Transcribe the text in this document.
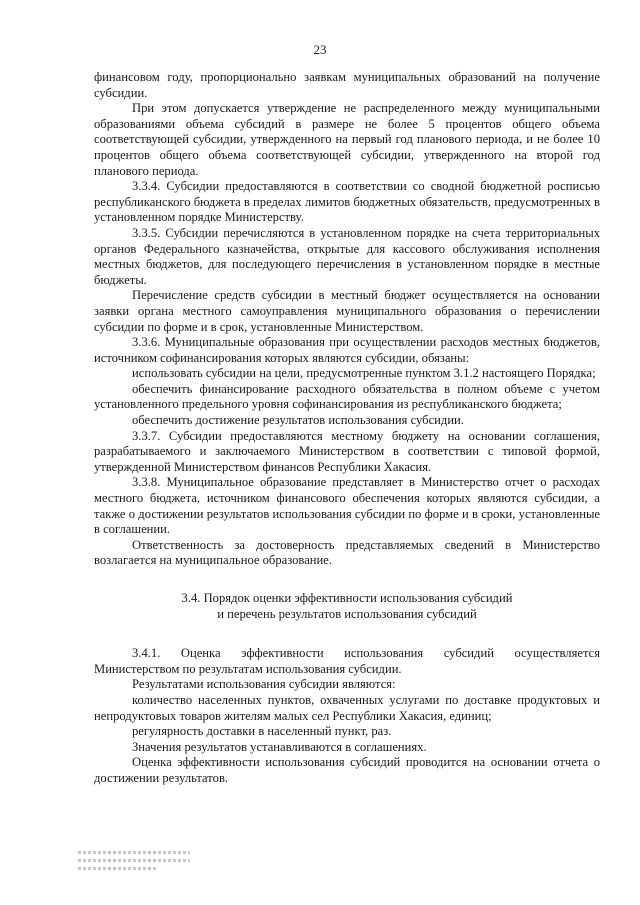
23

финансовом году, пропорционально заявкам муниципальных образований на получение субсидии.

При этом допускается утверждение не распределенного между муниципальными образованиями объема субсидий в размере не более 5 процентов общего объема соответствующей субсидии, утвержденного на первый год планового периода, и не более 10 процентов общего объема соответствующей субсидии, утвержденного на второй год планового периода.

3.3.4. Субсидии предоставляются в соответствии со сводной бюджетной росписью республиканского бюджета в пределах лимитов бюджетных обязательств, предусмотренных в установленном порядке Министерству.

3.3.5. Субсидии перечисляются в установленном порядке на счета территориальных органов Федерального казначейства, открытые для кассового обслуживания исполнения местных бюджетов, для последующего перечисления в установленном порядке в местные бюджеты.

Перечисление средств субсидии в местный бюджет осуществляется на основании заявки органа местного самоуправления муниципального образования о перечислении субсидии по форме и в срок, установленные Министерством.

3.3.6. Муниципальные образования при осуществлении расходов местных бюджетов, источником софинансирования которых являются субсидии, обязаны:

использовать субсидии на цели, предусмотренные пунктом 3.1.2 настоящего Порядка;

обеспечить финансирование расходного обязательства в полном объеме с учетом установленного предельного уровня софинансирования из республиканского бюджета;

обеспечить достижение результатов использования субсидии.

3.3.7. Субсидии предоставляются местному бюджету на основании соглашения, разрабатываемого и заключаемого Министерством в соответствии с типовой формой, утвержденной Министерством финансов Республики Хакасия.

3.3.8. Муниципальное образование представляет в Министерство отчет о расходах местного бюджета, источником финансового обеспечения которых являются субсидии, а также о достижении результатов использования субсидии по форме и в сроки, установленные в соглашении.

Ответственность за достоверность представляемых сведений в Министерство возлагается на муниципальное образование.

3.4. Порядок оценки эффективности использования субсидий
и перечень результатов использования субсидий

3.4.1. Оценка эффективности использования субсидий осуществляется Министерством по результатам использования субсидии.

Результатами использования субсидии являются:

количество населенных пунктов, охваченных услугами по доставке продуктовых и непродуктовых товаров жителям малых сел Республики Хакасия, единиц;

регулярность доставки в населенный пункт, раз.

Значения результатов устанавливаются в соглашениях.

Оценка эффективности использования субсидий проводится на основании отчета о достижении результатов.
